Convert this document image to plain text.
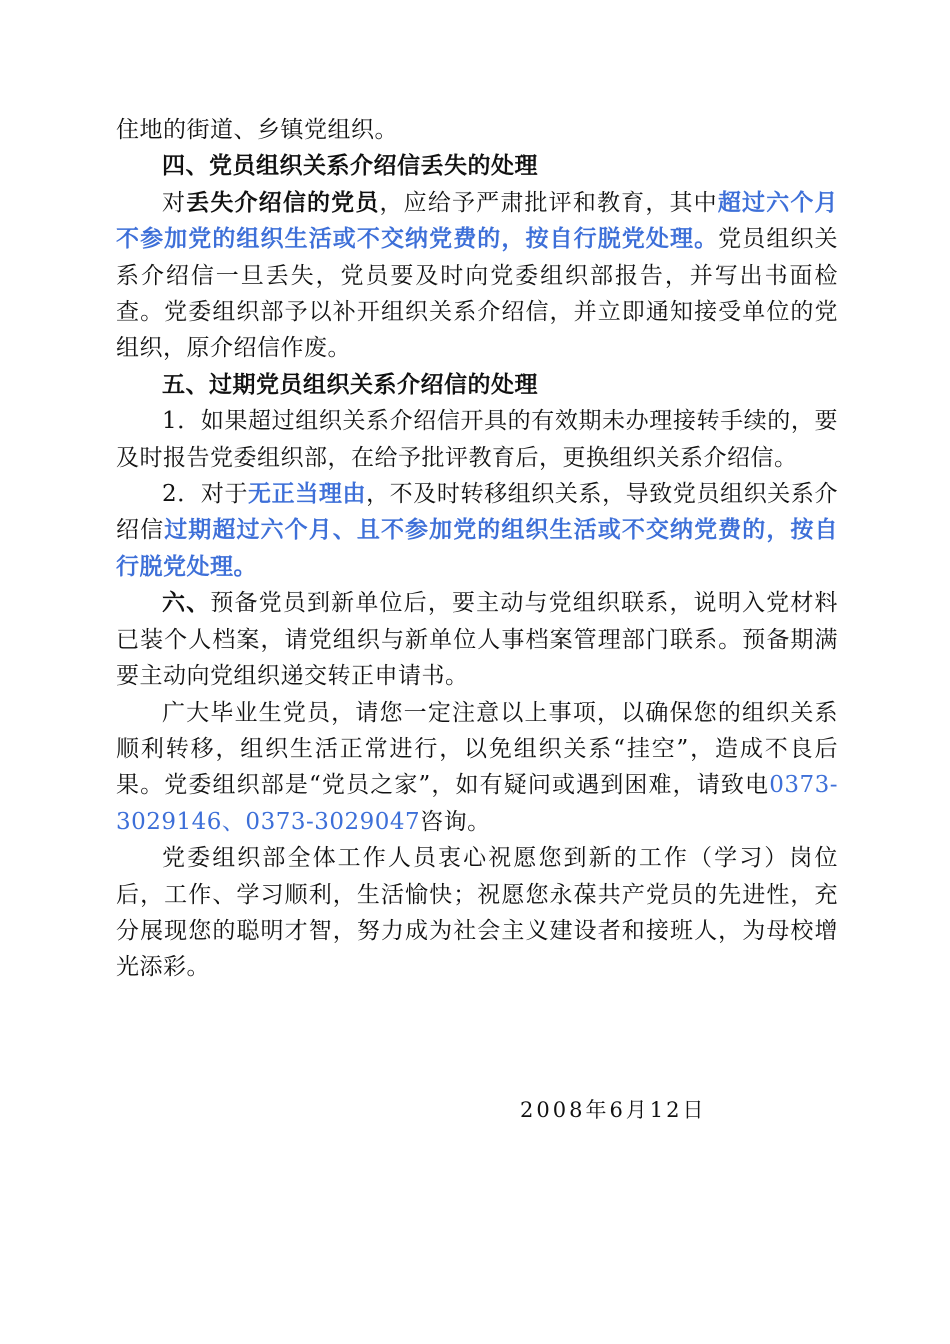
住地的街道、乡镇党组织。

四、党员组织关系介绍信丢失的处理

对丢失介绍信的党员，应给予严肃批评和教育，其中超过六个月不参加党的组织生活或不交纳党费的，按自行脱党处理。党员组织关系介绍信一旦丢失，党员要及时向党委组织部报告，并写出书面检查。党委组织部予以补开组织关系介绍信，并立即通知接受单位的党组织，原介绍信作废。

五、过期党员组织关系介绍信的处理

1．如果超过组织关系介绍信开具的有效期未办理接转手续的，要及时报告党委组织部，在给予批评教育后，更换组织关系介绍信。

2．对于无正当理由，不及时转移组织关系，导致党员组织关系介绍信过期超过六个月、且不参加党的组织生活或不交纳党费的，按自行脱党处理。

六、预备党员到新单位后，要主动与党组织联系，说明入党材料已装个人档案，请党组织与新单位人事档案管理部门联系。预备期满要主动向党组织递交转正申请书。

广大毕业生党员，请您一定注意以上事项，以确保您的组织关系顺利转移，组织生活正常进行，以免组织关系“挂空”，造成不良后果。党委组织部是“党员之家”，如有疑问或遇到困难，请致电0373-3029146、0373-3029047咨询。

党委组织部全体工作人员衷心祝愿您到新的工作（学习）岗位后，工作、学习顺利，生活愉快；祝愿您永葆共产党员的先进性，充分展现您的聪明才智，努力成为社会主义建设者和接班人，为母校增光添彩。

2008年6月12日
